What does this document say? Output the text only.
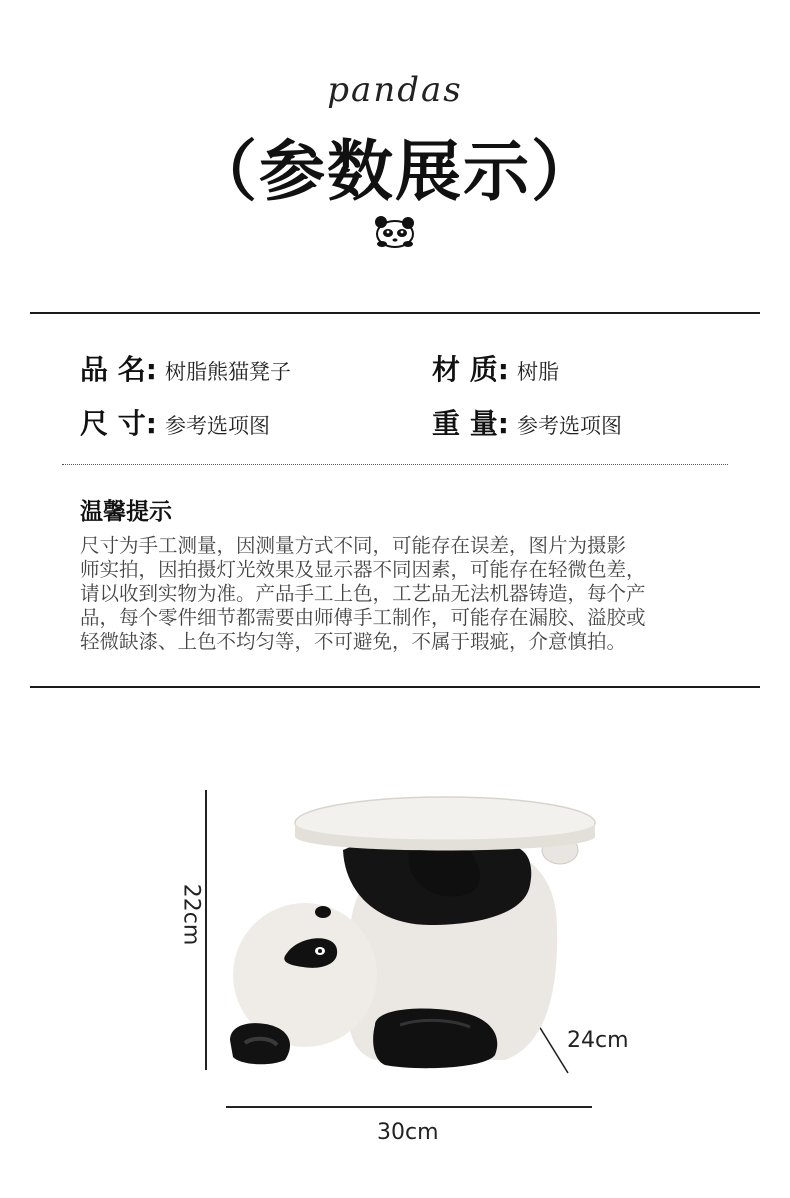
pandas
（参数展示）
品 名 : 树脂熊猫凳子	材 质 : 树脂
尺 寸 : 参考选项图	重 量 : 参考选项图
温馨提示
尺寸为手工测量，因测量方式不同，可能存在误差，图片为摄影
师实拍，因拍摄灯光效果及显示器不同因素，可能存在轻微色差，
请以收到实物为准。产品手工上色，工艺品无法机器铸造，每个产
品，每个零件细节都需要由师傅手工制作，可能存在漏胶、溢胶或
轻微缺漆、上色不均匀等，不可避免，不属于瑕疵，介意慎拍。
22cm
24cm
30cm
